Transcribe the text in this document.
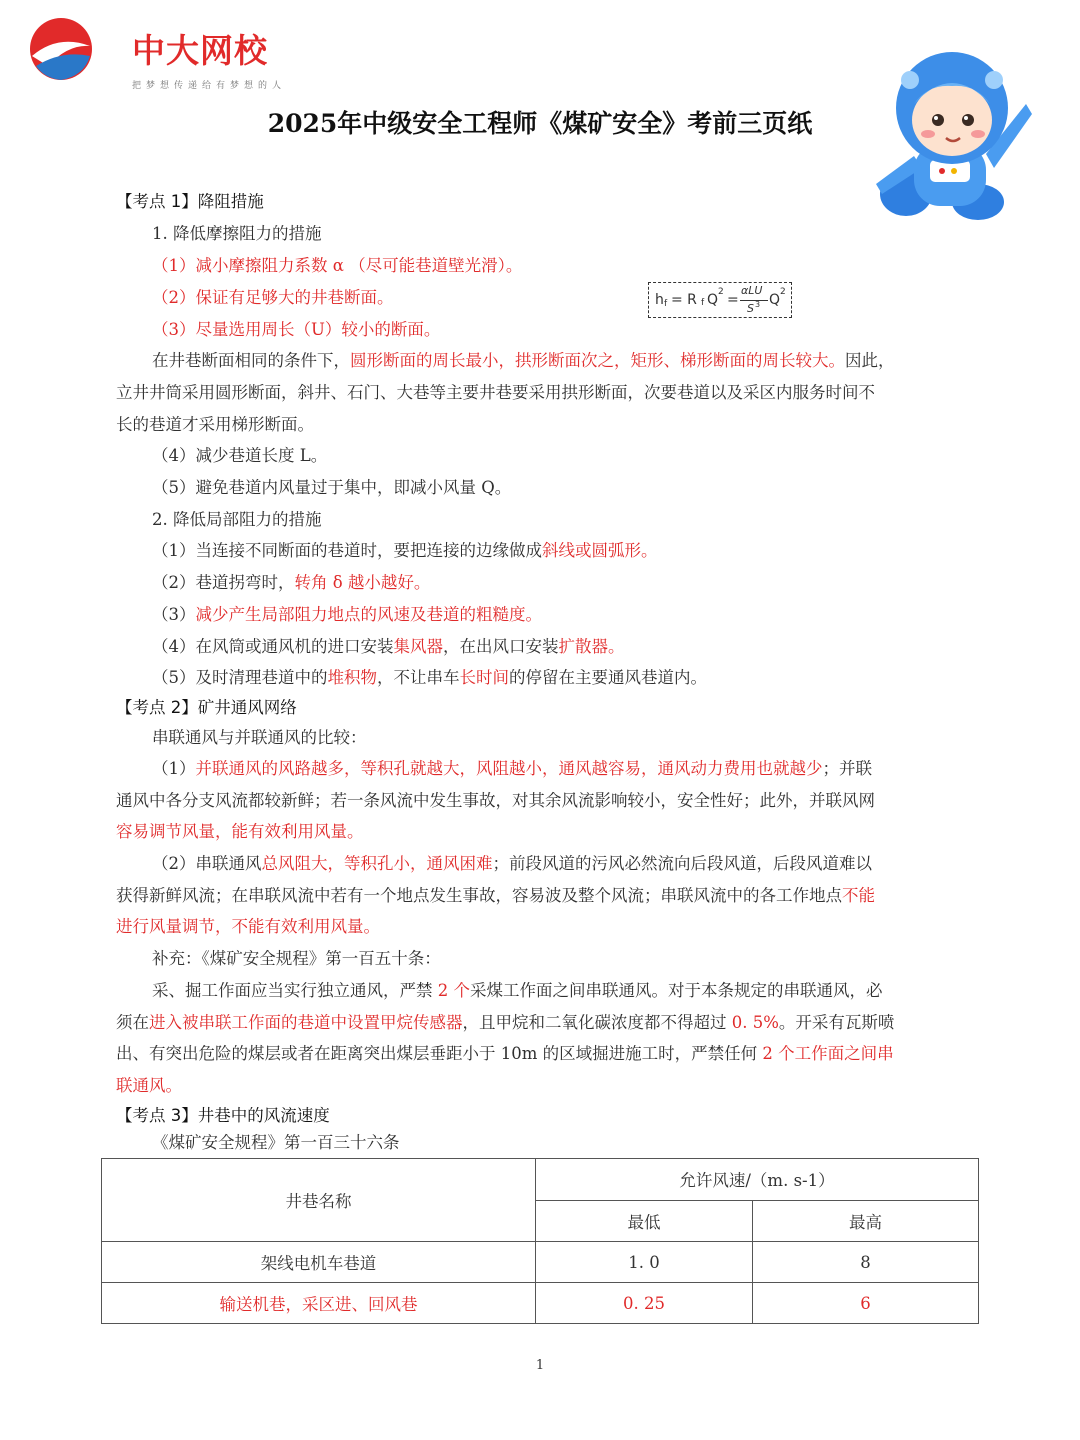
中大网校
把梦想传递给有梦想的人
2025年中级安全工程师《煤矿安全》考前三页纸
h f = R f Q 2 =
αLU
S 3 Q 2
【考点 1】降阻措施
1. 降低摩擦阻力的措施
（1）减小摩擦阻力系数 α （尽可能巷道壁光滑）。
（2）保证有足够大的井巷断面。
（3）尽量选用周长（U）较小的断面。
在井巷断面相同的条件下，圆形断面的周长最小，拱形断面次之，矩形、梯形断面的周长较大。因此，
立井井筒采用圆形断面，斜井、石门、大巷等主要井巷要采用拱形断面，次要巷道以及采区内服务时间不
长的巷道才采用梯形断面。
（4）减少巷道长度 L。
（5）避免巷道内风量过于集中，即减小风量 Q。
2. 降低局部阻力的措施
（1）当连接不同断面的巷道时，要把连接的边缘做成斜线或圆弧形。
（2）巷道拐弯时，转角 δ 越小越好。
（3）减少产生局部阻力地点的风速及巷道的粗糙度。
（4）在风筒或通风机的进口安装集风器，在出风口安装扩散器。
（5）及时清理巷道中的堆积物，不让串车长时间的停留在主要通风巷道内。
【考点 2】矿井通风网络
串联通风与并联通风的比较：
（1）并联通风的风路越多，等积孔就越大，风阻越小，通风越容易，通风动力费用也就越少；并联
通风中各分支风流都较新鲜；若一条风流中发生事故，对其余风流影响较小，安全性好；此外，并联风网
容易调节风量，能有效利用风量。
（2）串联通风总风阻大，等积孔小，通风困难；前段风道的污风必然流向后段风道，后段风道难以
获得新鲜风流；在串联风流中若有一个地点发生事故，容易波及整个风流；串联风流中的各工作地点不能
进行风量调节，不能有效利用风量。
补充：《煤矿安全规程》第一百五十条：
采、掘工作面应当实行独立通风，严禁 2 个采煤工作面之间串联通风。对于本条规定的串联通风，必
须在进入被串联工作面的巷道中设置甲烷传感器，且甲烷和二氧化碳浓度都不得超过 0. 5%。开采有瓦斯喷
出、有突出危险的煤层或者在距离突出煤层垂距小于 10m 的区域掘进施工时，严禁任何 2 个工作面之间串
联通风。
【考点 3】井巷中的风流速度
《煤矿安全规程》第一百三十六条
井巷名称	允许风速/（m. s-1）	
	最低	最高
架线电机车巷道	1. 0	8
输送机巷，采区进、回风巷	0. 25	6
1
